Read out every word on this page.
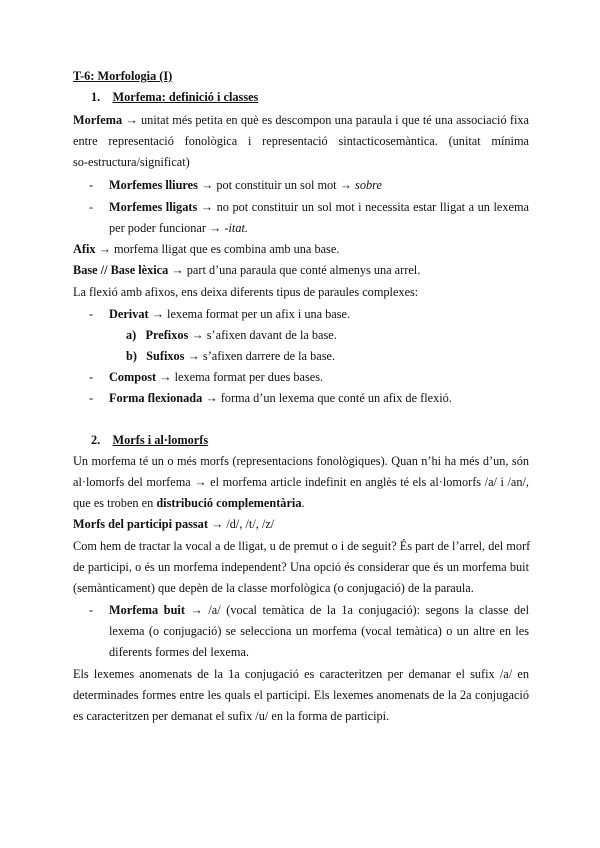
T-6: Morfologia (I)
1. Morfema: definició i classes
Morfema → unitat més petita en què es descompon una paraula i que té una associació fixa
entre representació fonològica i representació sintacticosemàntica. (unitat mínima
so-estructura/significat)
- Morfemes lliures → pot constituir un sol mot → sobre
- Morfemes lligats → no pot constituir un sol mot i necessita estar lligat a un lexema
per poder funcionar → -itat.
Afix → morfema lligat que es combina amb una base.
Base // Base lèxica → part d’una paraula que conté almenys una arrel.
La flexió amb afixos, ens deixa diferents tipus de paraules complexes:
- Derivat → lexema format per un afix i una base.
a) Prefixos → s’afixen davant de la base.
b) Sufixos → s’afixen darrere de la base.
- Compost → lexema format per dues bases.
- Forma flexionada → forma d’un lexema que conté un afix de flexió.
2. Morfs i al·lomorfs
Un morfema té un o més morfs (representacions fonològiques). Quan n’hi ha més d’un, són
al·lomorfs del morfema → el morfema article indefinit en anglès té els al·lomorfs /a/ i /an/,
que es troben en distribució complementària.
Morfs del participi passat → /d/, /t/, /z/
Com hem de tractar la vocal a de lligat, u de premut o i de seguit? És part de l’arrel, del morf
de participi, o és un morfema independent? Una opció és considerar que és un morfema buit
(semànticament) que depèn de la classe morfològica (o conjugació) de la paraula.
- Morfema buit → /a/ (vocal temàtica de la 1a conjugació): segons la classe del
lexema (o conjugació) se selecciona un morfema (vocal temàtica) o un altre en les
diferents formes del lexema.
Els lexemes anomenats de la 1a conjugació es caracteritzen per demanar el sufix /a/ en
determinades formes entre les quals el participi. Els lexemes anomenats de la 2a conjugació
es caracteritzen per demanat el sufix /u/ en la forma de participi.
